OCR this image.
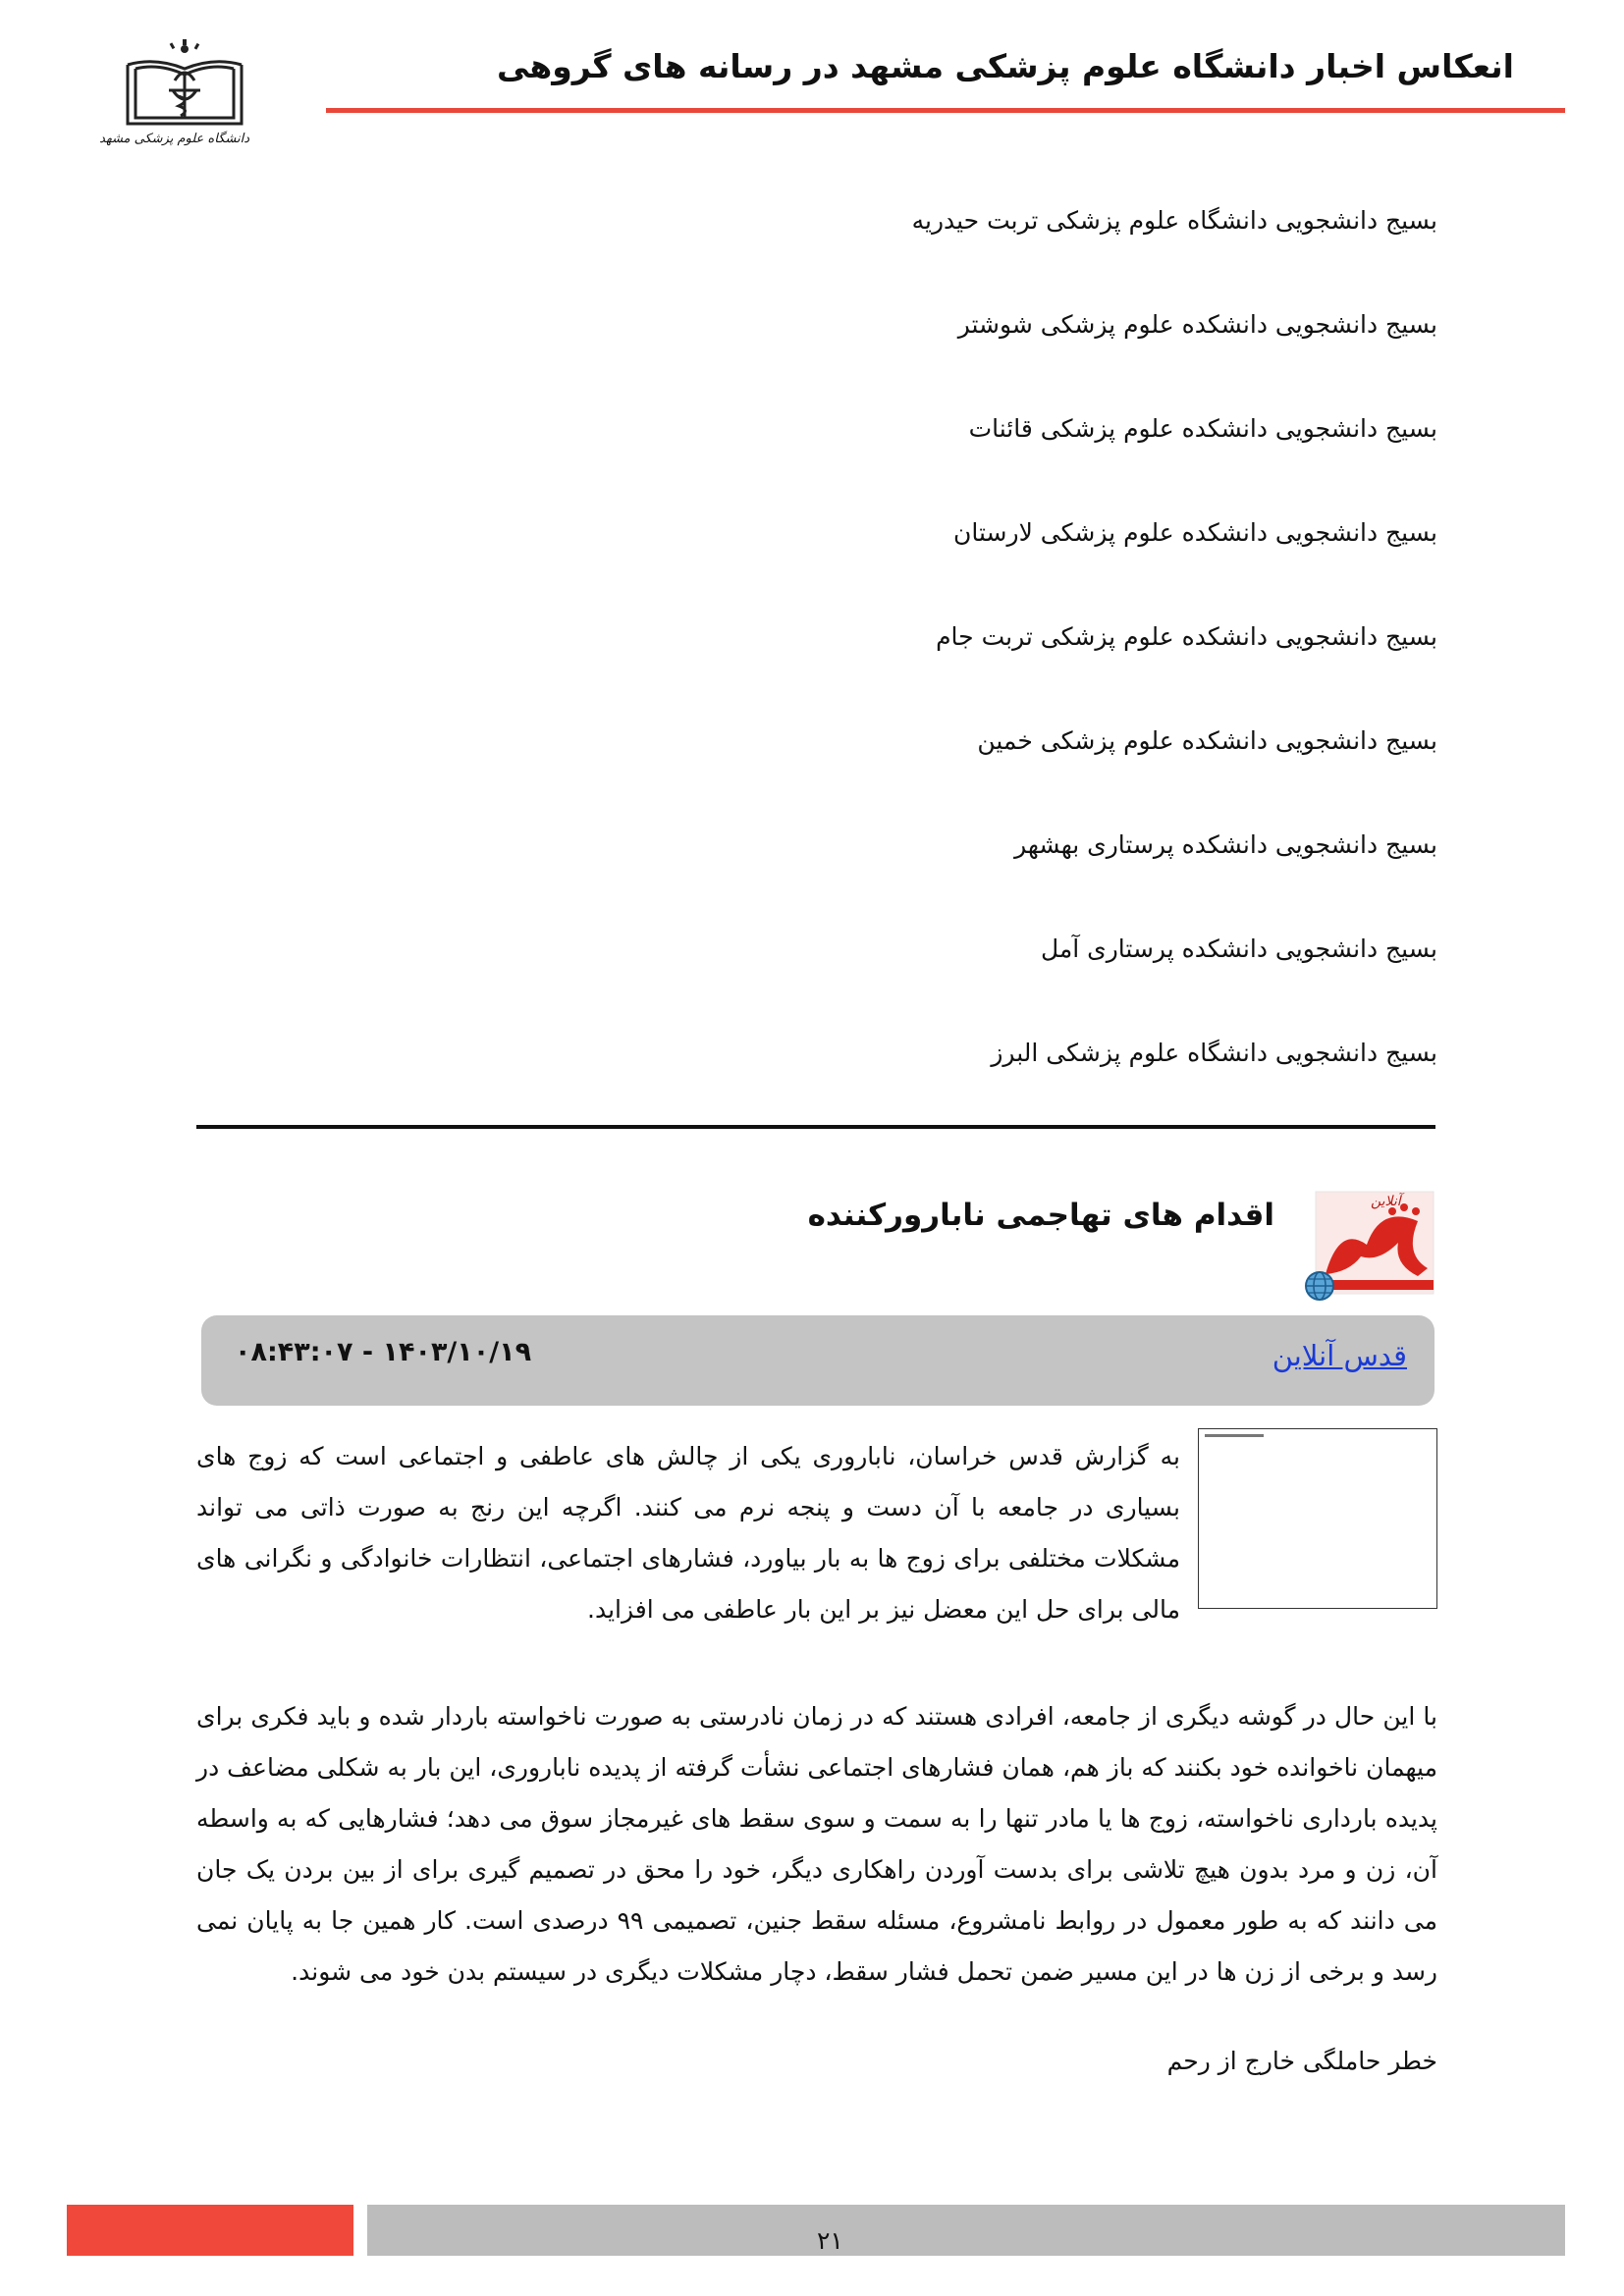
دانشگاه علوم پزشکی مشهد
انعکاس اخبار دانشگاه علوم پزشکی مشهد در رسانه های گروهی
بسیج دانشجویی دانشگاه علوم پزشکی تربت حیدریه
بسیج دانشجویی دانشکده علوم پزشکی شوشتر
بسیج دانشجویی دانشکده علوم پزشکی قائنات
بسیج دانشجویی دانشکده علوم پزشکی لارستان
بسیج دانشجویی دانشکده علوم پزشکی تربت جام
بسیج دانشجویی دانشکده علوم پزشکی خمین
بسیج دانشجویی دانشکده پرستاری بهشهر
بسیج دانشجویی دانشکده پرستاری آمل
بسیج دانشجویی دانشگاه علوم پزشکی البرز
آنلاین
اقدام های تهاجمی نابارورکننده
قدس آنلاین
۱۴۰۳/۱۰/۱۹ - ۰۸:۴۳:۰۷
به گزارش قدس خراسان، ناباروری یکی از چالش های عاطفی و اجتماعی است که زوج های بسیاری در جامعه با آن دست و پنجه نرم می کنند. اگرچه این رنج به صورت ذاتی می تواند مشکلات مختلفی برای زوج ها به بار بیاورد، فشارهای اجتماعی، انتظارات خانوادگی و نگرانی های مالی برای حل این معضل نیز بر این بار عاطفی می افزاید.
با این حال در گوشه دیگری از جامعه، افرادی هستند که در زمان نادرستی به صورت ناخواسته باردار شده و باید فکری برای میهمان ناخوانده خود بکنند که باز هم، همان فشارهای اجتماعی نشأت گرفته از پدیده ناباروری، این بار به شکلی مضاعف در پدیده بارداری ناخواسته، زوج ها یا مادر تنها را به سمت و سوی سقط های غیرمجاز سوق می دهد؛ فشارهایی که به واسطه آن، زن و مرد بدون هیچ تلاشی برای بدست آوردن راهکاری دیگر، خود را محق در تصمیم گیری برای از بین بردن یک جان می دانند که به طور معمول در روابط نامشروع، مسئله سقط جنین، تصمیمی ۹۹ درصدی است. کار همین جا به پایان نمی رسد و برخی از زن ها در این مسیر ضمن تحمل فشار سقط، دچار مشکلات دیگری در سیستم بدن خود می شوند.
خطر حاملگی خارج از رحم
۲۱
